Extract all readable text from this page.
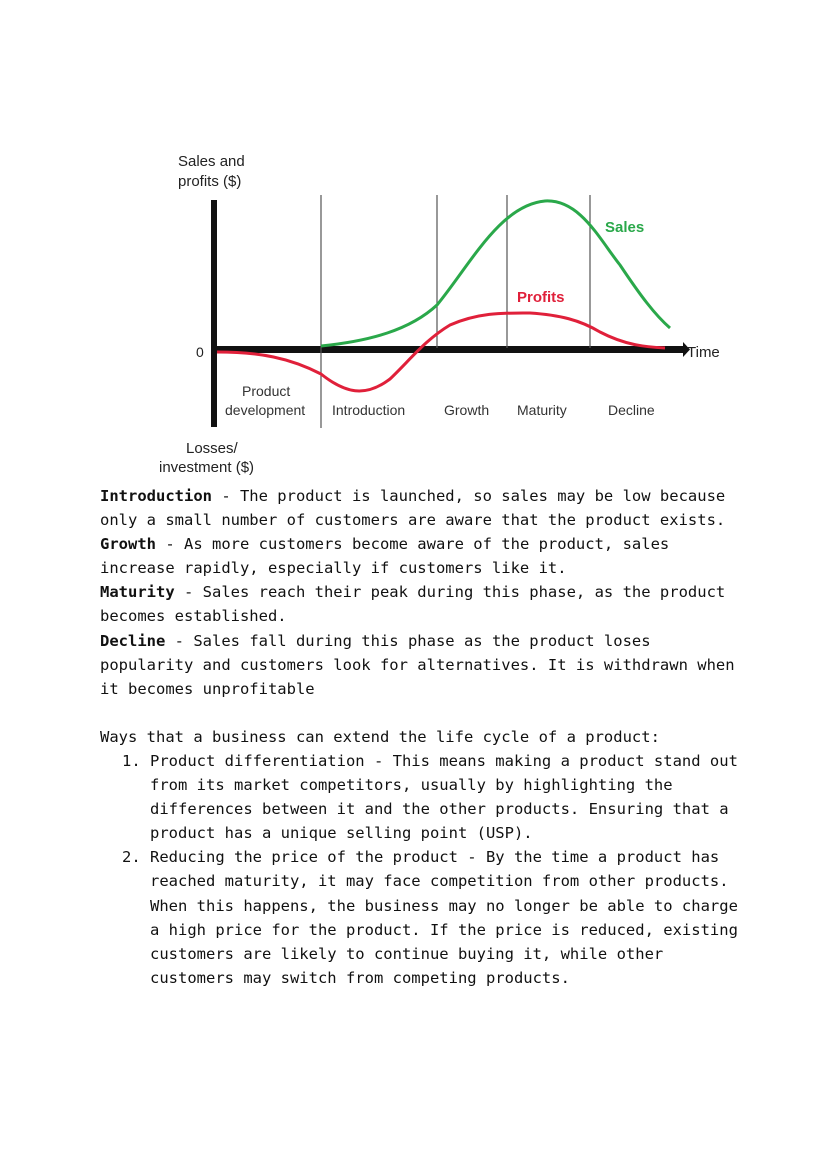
Sales and
profits ($)
Sales
Profits
0	Time
Product
development Introduction	Growth Maturity	Decline
Losses/
investment ($)

Introduction - The product is launched, so sales may be low because only a small number of customers are aware that the product exists.

Growth - As more customers become aware of the product, sales increase rapidly, especially if customers like it.

Maturity - Sales reach their peak during this phase, as the product becomes established.

Decline - Sales fall during this phase as the product loses popularity and customers look for alternatives. It is withdrawn when it becomes unprofitable

Ways that a business can extend the life cycle of a product:

1. Product differentiation - This means making a product stand out from its market competitors, usually by highlighting the differences between it and the other products. Ensuring that a product has a unique selling point (USP).
2. Reducing the price of the product - By the time a product has reached maturity, it may face competition from other products. When this happens, the business may no longer be able to charge a high price for the product. If the price is reduced, existing customers are likely to continue buying it, while other customers may switch from competing products.
